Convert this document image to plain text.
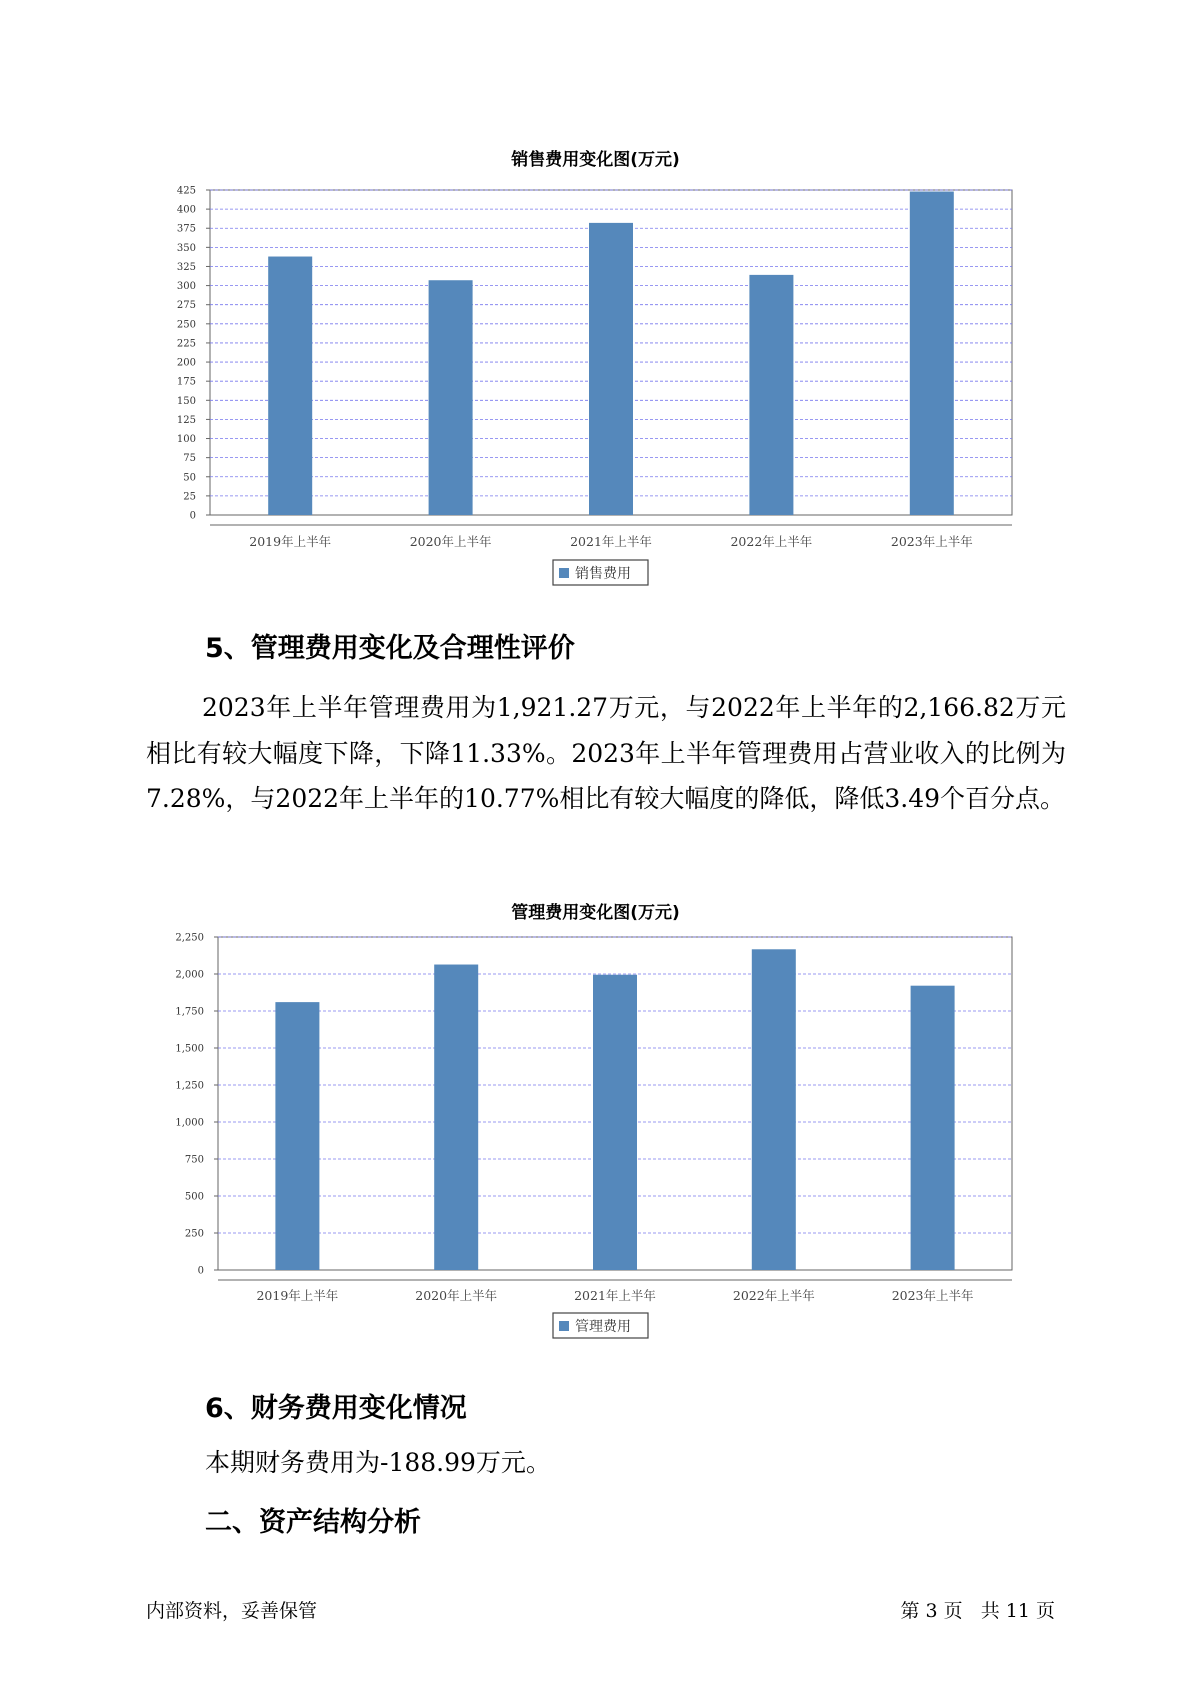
销售费用变化图(万元)
0
25
50
75
100
125
150
175
200
225
250
275
300
325
350
375
400
425
2019年上半年	2020年上半年	2021年上半年	2022年上半年	2023年上半年
销售费用
5、管理费用变化及合理性评价
2023年上半年管理费用为1,921.27万元，与2022年上半年的2,166.82万元相比有较大幅度下降，下降11.33%。2023年上半年管理费用占营业收入的比例为7.28%，与2022年上半年的10.77%相比有较大幅度的降低，降低3.49个百分点。
管理费用变化图(万元)
0
250
500
750
1,000
1,250
1,500
1,750
2,000
2,250
2019年上半年	2020年上半年	2021年上半年	2022年上半年	2023年上半年
管理费用
6、财务费用变化情况
本期财务费用为-188.99万元。
二、资产结构分析
内部资料，妥善保管	第 3 页   共 11 页
